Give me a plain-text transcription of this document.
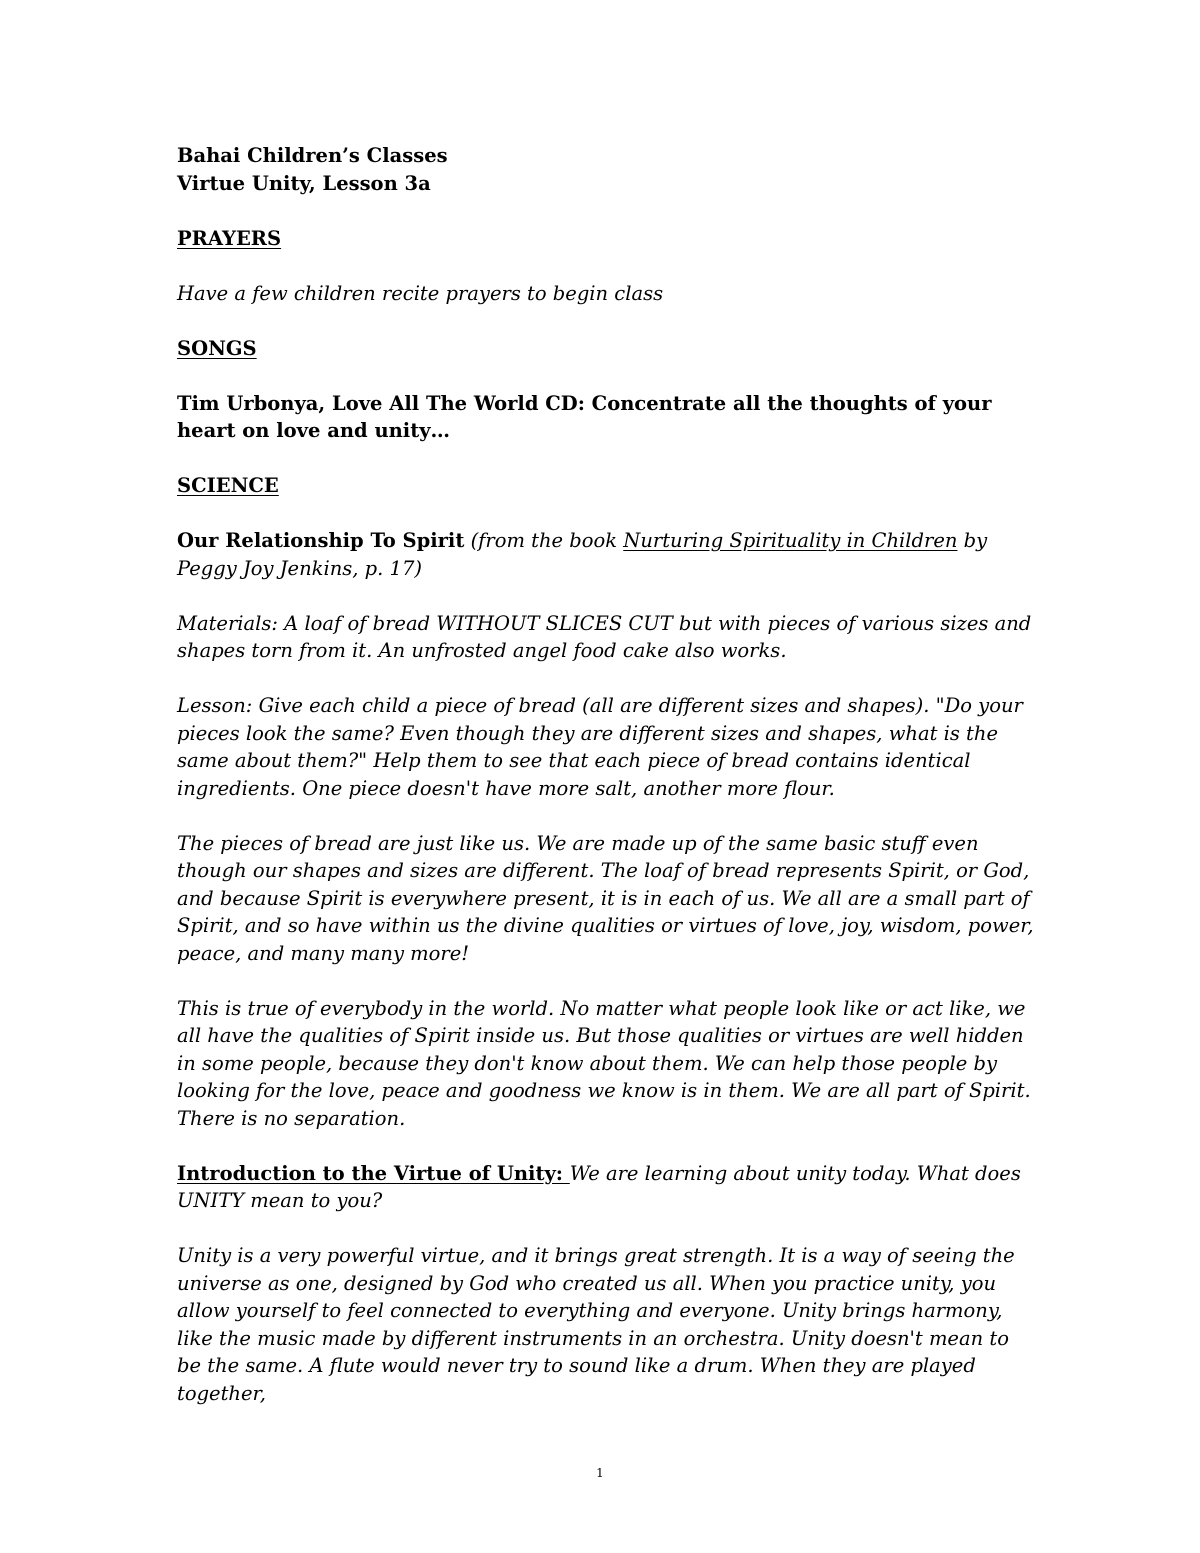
Bahai Children’s Classes
Virtue Unity, Lesson 3a

PRAYERS

Have a few children recite prayers to begin class

SONGS

Tim Urbonya, Love All The World CD: Concentrate all the thoughts of your heart on love and unity…

SCIENCE

Our Relationship To Spirit (from the book Nurturing Spirituality in Children by Peggy Joy Jenkins, p. 17)

Materials: A loaf of bread WITHOUT SLICES CUT but with pieces of various sizes and shapes torn from it. An unfrosted angel food cake also works.

Lesson: Give each child a piece of bread (all are different sizes and shapes). "Do your pieces look the same? Even though they are different sizes and shapes, what is the same about them?" Help them to see that each piece of bread contains identical ingredients. One piece doesn't have more salt, another more flour.

The pieces of bread are just like us. We are made up of the same basic stuff even though our shapes and sizes are different. The loaf of bread represents Spirit, or God, and because Spirit is everywhere present, it is in each of us. We all are a small part of Spirit, and so have within us the divine qualities or virtues of love, joy, wisdom, power, peace, and many many more!

This is true of everybody in the world. No matter what people look like or act like, we all have the qualities of Spirit inside us. But those qualities or virtues are well hidden in some people, because they don't know about them. We can help those people by looking for the love, peace and goodness we know is in them. We are all part of Spirit. There is no separation.

Introduction to the Virtue of Unity: We are learning about unity today. What does UNITY mean to you?

Unity is a very powerful virtue, and it brings great strength. It is a way of seeing the universe as one, designed by God who created us all. When you practice unity, you allow yourself to feel connected to everything and everyone. Unity brings harmony, like the music made by different instruments in an orchestra. Unity doesn't mean to be the same. A flute would never try to sound like a drum. When they are played together,

1
